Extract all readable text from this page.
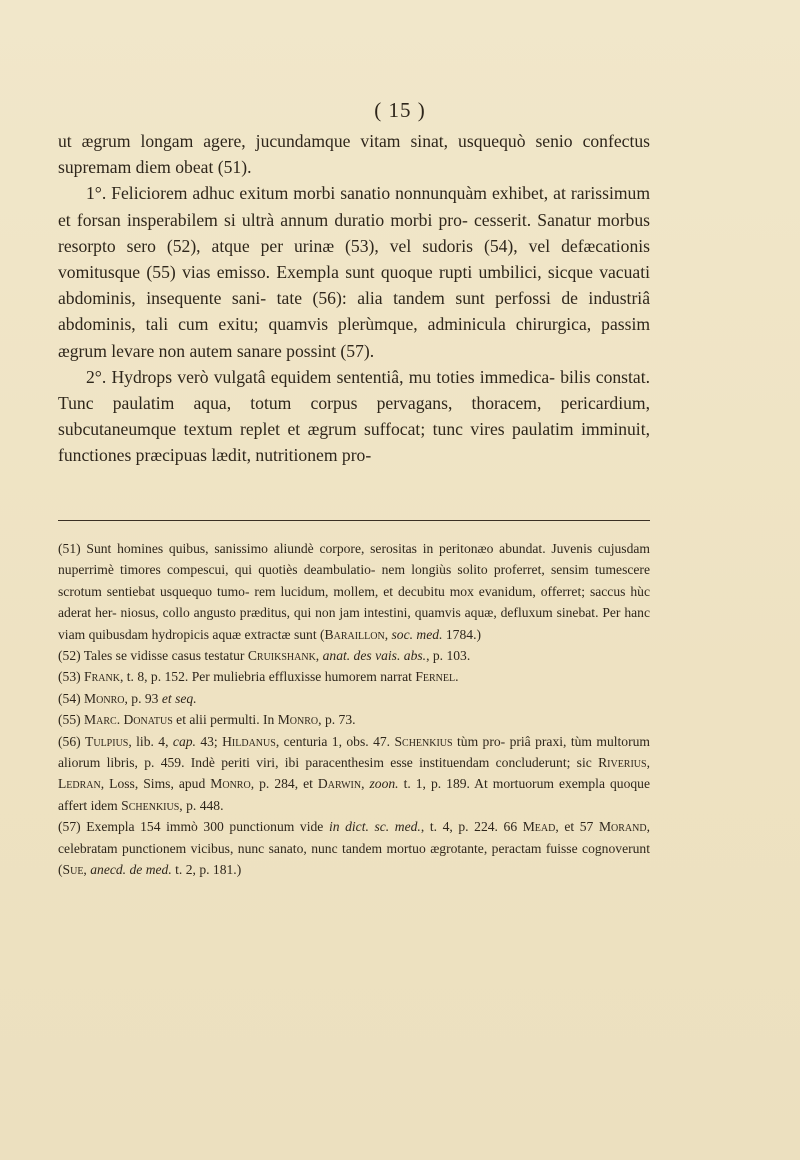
( 15 )

ut ægrum longam agere, jucundamque vitam sinat, usquequò senio confectus supremam diem obeat (51).

1°. Feliciorem adhuc exitum morbi sanatio nonnunquàm exhibet, at rarissimum et forsan insperabilem si ultrà annum duratio morbi pro- cesserit. Sanatur morbus resorpto sero (52), atque per urinæ (53), vel sudoris (54), vel defæcationis vomitusque (55) vias emisso. Exempla sunt quoque rupti umbilici, sicque vacuati abdominis, insequente sani- tate (56): alia tandem sunt perfossi de industriâ abdominis, tali cum exitu; quamvis plerùmque, adminicula chirurgica, passim ægrum levare non autem sanare possint (57).

2°. Hydrops verò vulgatâ equidem sententiâ, mu toties immedica- bilis constat. Tunc paulatim aqua, totum corpus pervagans, thoracem, pericardium, subcutaneumque textum replet et ægrum suffocat; tunc vires paulatim imminuit, functiones præcipuas lædit, nutritionem pro-

(51) Sunt homines quibus, sanissimo aliundè corpore, serositas in peritonæo abundat. Juvenis cujusdam nuperrimè timores compescui, qui quotiès deambulatio- nem longiùs solito proferret, sensim tumescere scrotum sentiebat usquequo tumo- rem lucidum, mollem, et decubitu mox evanidum, offerret; saccus hùc aderat her- niosus, collo angusto præditus, qui non jam intestini, quamvis aquæ, defluxum sinebat. Per hanc viam quibusdam hydropicis aquæ extractæ sunt (Baraillon, soc. med. 1784.)

(52) Tales se vidisse casus testatur Cruikshank, anat. des vais. abs., p. 103.

(53) Frank, t. 8, p. 152. Per muliebria effluxisse humorem narrat Fernel.

(54) Monro, p. 93 et seq.

(55) Marc. Donatus et alii permulti. In Monro, p. 73.

(56) Tulpius, lib. 4, cap. 43; Hildanus, centuria 1, obs. 47. Schenkius tùm pro- priâ praxi, tùm multorum aliorum libris, p. 459. Indè periti viri, ibi paracenthesim esse instituendam concluderunt; sic Riverius, Ledran, Loss, Sims, apud Monro, p. 284, et Darwin, zoon. t. 1, p. 189. At mortuorum exempla quoque affert idem Schenkius, p. 448.

(57) Exempla 154 immò 300 punctionum vide in dict. sc. med., t. 4, p. 224. 66 Mead, et 57 Morand, celebratam punctionem vicibus, nunc sanato, nunc tandem mortuo ægrotante, peractam fuisse cognoverunt (Sue, anecd. de med. t. 2, p. 181.)
